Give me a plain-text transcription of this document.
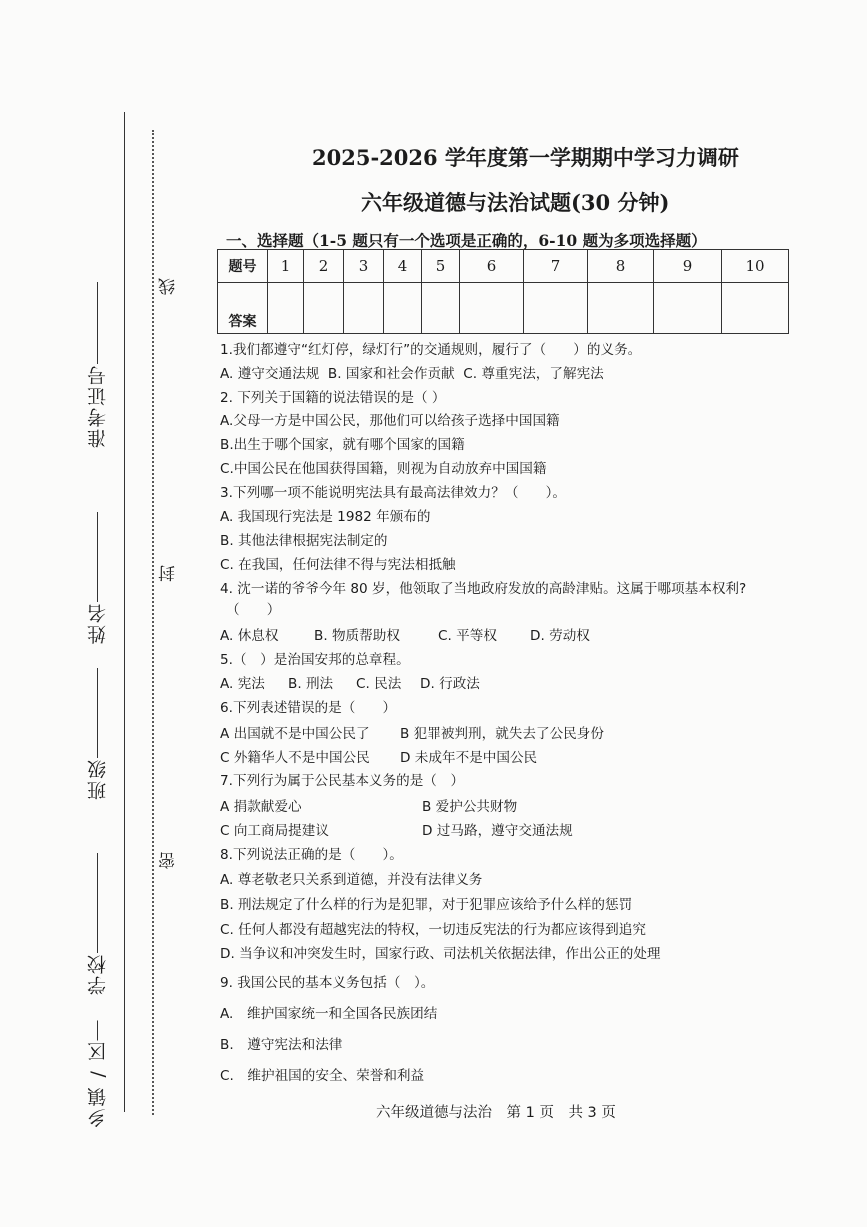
准考证号
姓名
班级
学校
乡镇 / 区
线
封
密
2025-2026 学年度第一学期期中学习力调研
六年级道德与法治试题(30 分钟)
一、选择题（1-5 题只有一个选项是正确的，6-10 题为多项选择题）
题号	1	2	3	4	5	6	7	8	9	10
答案										
1.我们都遵守“红灯停，绿灯行”的交通规则，履行了（　　）的义务。
A. 遵守交通法规 B. 国家和社会作贡献 C. 尊重宪法，了解宪法
2. 下列关于国籍的说法错误的是（ ）
A.父母一方是中国公民，那他们可以给孩子选择中国国籍
B.出生于哪个国家，就有哪个国家的国籍
C.中国公民在他国获得国籍，则视为自动放弃中国国籍
3.下列哪一项不能说明宪法具有最高法律效力？（　　）。
A. 我国现行宪法是 1982 年颁布的
B. 其他法律根据宪法制定的
C. 在我国，任何法律不得与宪法相抵触
4. 沈一诺的爷爷今年 80 岁，他领取了当地政府发放的高龄津贴。这属于哪项基本权利?
（　　）
A. 休息权	B. 物质帮助权	C. 平等权 D. 劳动权
5.（　）是治国安邦的总章程。
A. 宪法 B. 刑法 C. 民法 D. 行政法
6.下列表述错误的是（　　）
A 出国就不是中国公民了 B 犯罪被判刑，就失去了公民身份
C 外籍华人不是中国公民 D 未成年不是中国公民
7.下列行为属于公民基本义务的是（　）
A 捐款献爱心	B 爱护公共财物
C 向工商局提建议	D 过马路，遵守交通法规
8.下列说法正确的是（　　）。
A. 尊老敬老只关系到道德，并没有法律义务
B. 刑法规定了什么样的行为是犯罪，对于犯罪应该给予什么样的惩罚
C. 任何人都没有超越宪法的特权，一切违反宪法的行为都应该得到追究
D. 当争议和冲突发生时，国家行政、司法机关依据法律，作出公正的处理
9. 我国公民的基本义务包括（　）。
A.　维护国家统一和全国各民族团结
B.　遵守宪法和法律
C.　维护祖国的安全、荣誉和利益
六年级道德与法治　第 1 页　共 3 页
